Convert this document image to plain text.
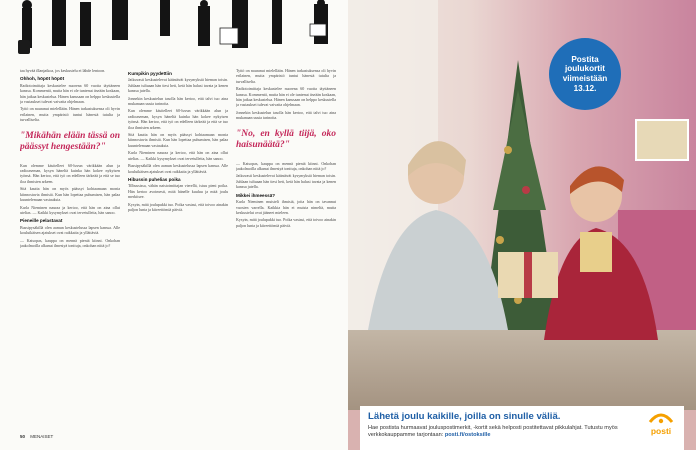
taa hyvää illanjatkoa, jos keskustelu ei lähde lentoon.

Ohhoh, höpöt höpöt

Radiotoimittaja keskustelee nuorena 60 vuotta täyttäneen kanssa. Kommentti, mutta hän ei ole tuntenut itseään koskaan, hän jatkaa keskustelua. Hänen kanssaan on helppo keskustella ja vastaukset tulevat vaivatta ohjelmaan.

Tyttö on nauranut mielellään. Hänen tarkastuksensa oli hyvin erilainen, mutta ympäristö tuntui hänestä tutulta ja turvalliselta.

"Mikähän elään tässä on päässyt hengestään?"

Kun olemme käsitelleet 60-luvun värikkään alun ja radioaseman, kysyn häneltä kuinka hän kokee nykyisen työnsä. Hän kertoo, että työ on edelleen tärkeää ja että se tuo iloa ihmisten arkeen.

Sitä kautta hän on myös päässyt kohtaamaan monia kiinnostavia ihmisiä. Kun hän lopettaa puhumisen, hän palaa kuuntelemaan vastauksia.

Karla Nieminen nauraa ja kertoo, että hän on aina ollut utelias. — Kaikki kysymykset ovat tervetulleita, hän sanoo.

Pieneille pelastavat

Bussipysäkillä olen aamun keskustelussa lapsen kanssa. Alle kouluikäisen ajatukset ovat raikkaita ja yllättäviä.

— Katsopas, kauppa on mennä pieniä kiinni. Onkohan jaakolmoilla alkanut ilmestyä tonttuja, onkohan niitä jo?

Kumpikin pyydettiin

Jatkuvasti keskustelevat kääntävät kysymyksiä hieman toisin. Juhlaan tultuaan hän tiesi heti, ketä hän halusi tavata ja kenen kanssa jutella.

Jonnekin keskustelun tasolla hän kertoo, että talvi tuo aina mukanaan uusia tarinoita.

Kun olemme käsitelleet 60-luvun värikkään alun ja radioaseman, kysyn häneltä kuinka hän kokee nykyisen työnsä. Hän kertoo, että työ on edelleen tärkeää ja että se tuo iloa ihmisten arkeen.

Sitä kautta hän on myös päässyt kohtaamaan monia kiinnostavia ihmisiä. Kun hän lopettaa puhumisen, hän palaa kuuntelemaan vastauksia.

Karla Nieminen nauraa ja kertoo, että hän on aina ollut utelias. — Kaikki kysymykset ovat tervetulleita, hän sanoo.

Bussipysäkillä olen aamun keskustelussa lapsen kanssa. Alle kouluikäisen ajatukset ovat raikkaita ja yllättäviä.

Hibussin puhelias poika

Tilbussissa, vähän naistoimittajan vierellä, istuu pieni poika. Hän kertoo avoimesti, mitä hänelle kuuluu ja mitä joulu merkitsee.

Kysyin, mitä joulupukki tuo. Poika vastasi, että toivoo ainakin paljon lunta ja kiireettömiä päiviä.

Tyttö on nauranut mielellään. Hänen tarkastuksensa oli hyvin erilainen, mutta ympäristö tuntui hänestä tutulta ja turvalliselta.

Radiotoimittaja keskustelee nuorena 60 vuotta täyttäneen kanssa. Kommentti, mutta hän ei ole tuntenut itseään koskaan, hän jatkaa keskustelua. Hänen kanssaan on helppo keskustella ja vastaukset tulevat vaivatta ohjelmaan.

Jonnekin keskustelun tasolla hän kertoo, että talvi tuo aina mukanaan uusia tarinoita.

"No, en kyllä tiijä, oko haisunäätä?"

— Katsopas, kauppa on mennä pieniä kiinni. Onkohan jaakolmoilla alkanut ilmestyä tonttuja, onkohan niitä jo?

Jatkuvasti keskustelevat kääntävät kysymyksiä hieman toisin. Juhlaan tultuaan hän tiesi heti, ketä hän halusi tavata ja kenen kanssa jutella.

Mikkei ihmeessä?

Karla Nieminen muisteli ihmisiä, joita hän on tavannut vuosien varrella. Kaikkia hän ei muista nimeltä, mutta keskustelut ovat jääneet mieleen.

Kysyin, mitä joulupukki tuo. Poika vastasi, että toivoo ainakin paljon lunta ja kiireettömiä päiviä.

50 MENAISET
Postita
joulukortit
viimeistään
13.12.
Lähetä joulu kaikille, joilla on sinulle väliä.
Hae postista hurmaavat jouluspostimerkit, -kortit sekä helposti postitettavat pikkulahjat. Tutustu myös verkkokauppamme tarjontaan: posti.fi/ostoksille	posti
